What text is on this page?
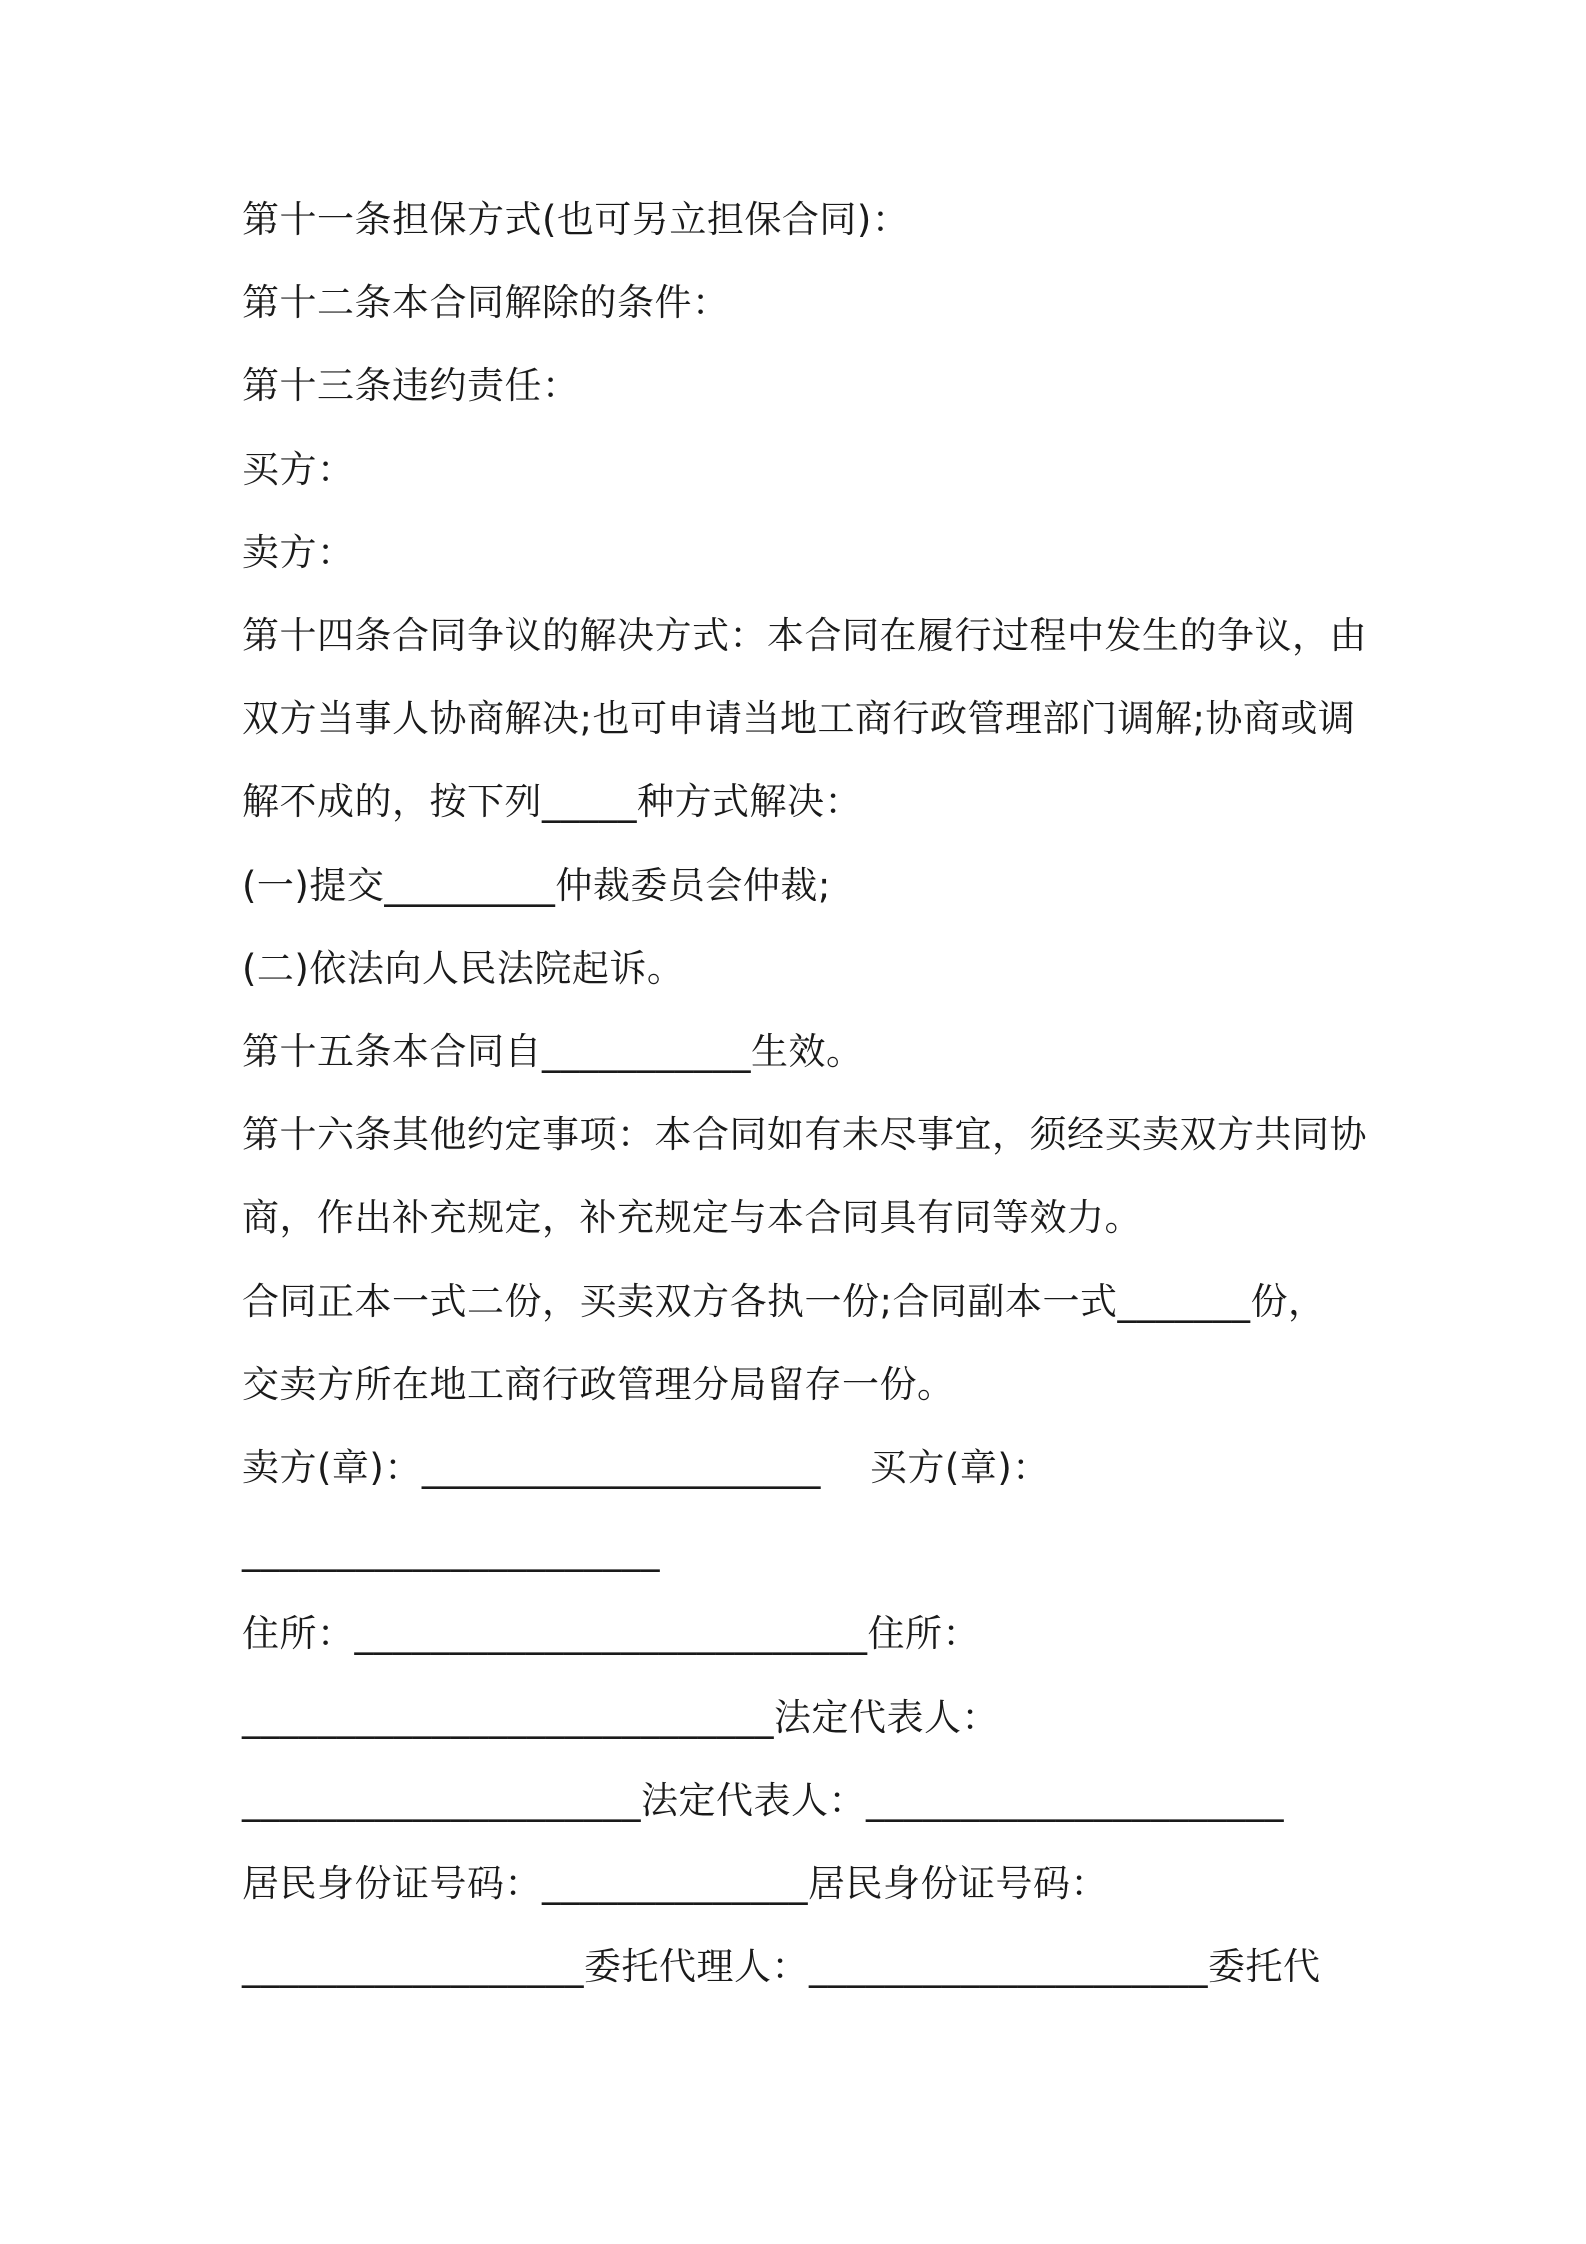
第十一条担保方式(也可另立担保合同)：
第十二条本合同解除的条件：
第十三条违约责任：
买方：
卖方：
第十四条合同争议的解决方式：本合同在履行过程中发生的争议，由
双方当事人协商解决;也可申请当地工商行政管理部门调解;协商或调
解不成的，按下列_____种方式解决：
(一)提交_________仲裁委员会仲裁;
(二)依法向人民法院起诉。
第十五条本合同自___________生效。
第十六条其他约定事项：本合同如有未尽事宜，须经买卖双方共同协
商，作出补充规定，补充规定与本合同具有同等效力。
合同正本一式二份，买卖双方各执一份;合同副本一式_______份，
交卖方所在地工商行政管理分局留存一份。
卖方(章)：_____________________    买方(章)：
______________________
住所：___________________________住所：
____________________________法定代表人：
_____________________法定代表人：______________________
居民身份证号码：______________居民身份证号码：
__________________委托代理人：_____________________委托代
